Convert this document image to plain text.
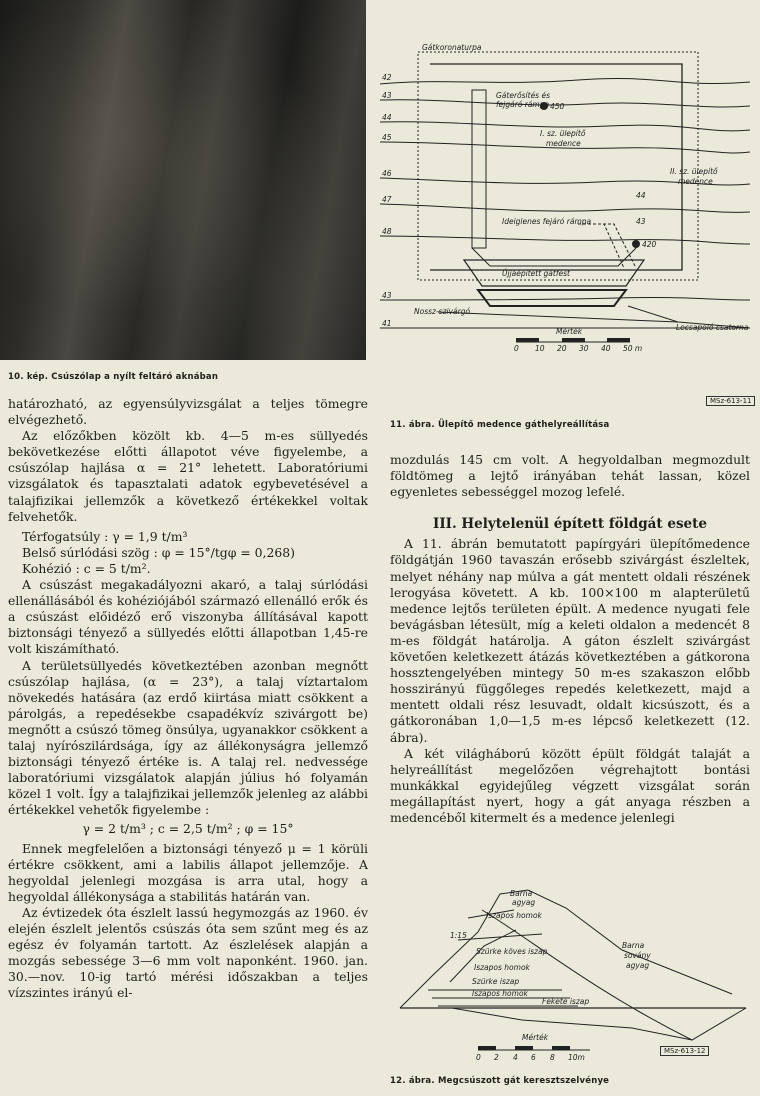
10. kép. Csúszólap a nyílt feltáró aknában
Gátkoronaturpa
Gáterősítés és
fejgáró rámpa 450
I. sz. ülepítő
medence
II. sz. ülepítő
medence
Ideiglenes fejáró rámpa
420
Újjáépített gátfest
Nossz-szivárgó
Lecsapoló csatorna
42
43
44
45
46
47
48
44
43
43
41
Mérték
0 10 20 30 40 50 m
MSz-613-11
11. ábra. Ülepítő medence gáthelyreállítása

határozható, az egyensúlyvizsgálat a teljes tömegre elvégezhető.

Az előzőkben közölt kb. 4—5 m-es süllyedés bekövetkezése előtti állapotot véve figyelembe, a csúszólap hajlása α = 21° lehetett. Laboratóriumi vizsgálatok és tapasztalati adatok egybevetésével a talajfizikai jellemzők a következő értékekkel voltak felvehetők.

Térfogatsúly : γ = 1,9 t/m³

Belső súrlódási szög : φ = 15°/tgφ = 0,268)

Kohézió : c = 5 t/m².

A csúszást megakadályozni akaró, a talaj súrlódási ellenállásából és kohéziójából származó ellenálló erők és a csúszást előidéző erő viszonyba állításával kapott biztonsági tényező a süllyedés előtti állapotban 1,45-re volt kiszámítható.

A területsüllyedés következtében azonban megnőtt csúszólap hajlása, (α = 23°), a talaj víztartalom növekedés hatására (az erdő kiirtása miatt csökkent a párolgás, a repedésekbe csapadékvíz szivárgott be) megnőtt a csúszó tömeg önsúlya, ugyanakkor csökkent a talaj nyírószilárdsága, így az állékonyságra jellemző biztonsági tényező értéke is. A talaj rel. nedvessége laboratóriumi vizsgálatok alapján július hó folyamán közel 1 volt. Így a talajfizikai jellemzők jelenleg az alábbi értékekkel vehetők figyelembe :

γ = 2 t/m³ ; c = 2,5 t/m² ; φ = 15°

Ennek megfelelően a biztonsági tényező μ = 1 körüli értékre csökkent, ami a labilis állapot jellemzője. A hegyoldal jelenlegi mozgása is arra utal, hogy a hegyoldal állékonysága a stabilitás határán van.

Az évtizedek óta észlelt lassú hegymozgás az 1960. év elején észlelt jelentős csúszás óta sem szűnt meg és az egész év folyamán tartott. Az észlelések alapján a mozgás sebessége 3—6 mm volt naponként. 1960. jan. 30.—nov. 10-ig tartó mérési időszakban a teljes vízszintes irányú el-

mozdulás 145 cm volt. A hegyoldalban megmozdult földtömeg a lejtő irányában tehát lassan, közel egyenletes sebességgel mozog lefelé.

III. Helytelenül épített földgát esete

A 11. ábrán bemutatott papírgyári ülepítőmedence földgátján 1960 tavaszán erősebb szivárgást észleltek, melyet néhány nap múlva a gát mentett oldali részének lerogyása követett. A kb. 100×100 m alapterületű medence lejtős területen épült. A medence nyugati fele bevágásban létesült, míg a keleti oldalon a medencét 8 m-es földgát határolja. A gáton észlelt szivárgást követően keletkezett átázás következtében a gátkorona hossztengelyében mintegy 50 m-es szakaszon előbb hosszirányú függőleges repedés keletkezett, majd a mentett oldali rész lesuvadt, oldalt kicsúszott, és a gátkoronában 1,0—1,5 m-es lépcső keletkezett (12. ábra).

A két világháború között épült földgát talaját a helyreállítást megelőzően végrehajtott bontási munkákkal egyidejűleg végzett vizsgálat során megállapítást nyert, hogy a gát anyaga részben a medencéből kitermelt és a medence jelenlegi

Barna
agyag
1:15
Iszapos homok
Szürke köves iszap
Iszapos homok
Szürke iszap
Iszapos homok
Barna
sovány
agyag
Fekete iszap
Mérték
0 2 4 6 8 10m
MSz-613-12
12. ábra. Megcsúszott gát keresztszelvénye
